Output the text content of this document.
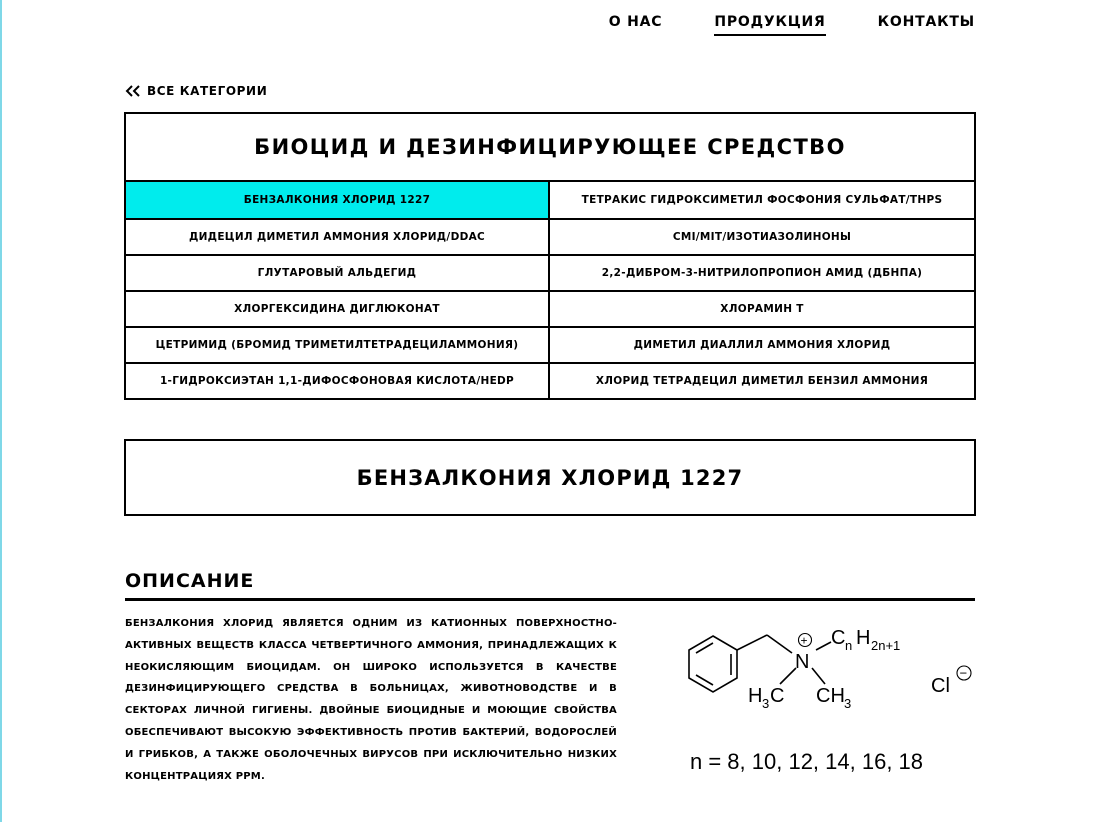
О НАС	ПРОДУКЦИЯ	КОНТАКТЫ
ВСЕ КАТЕГОРИИ
БИОЦИД И ДЕЗИНФИЦИРУЮЩЕЕ СРЕДСТВО
БЕНЗАЛКОНИЯ ХЛОРИД 1227	ТЕТРАКИС ГИДРОКСИМЕТИЛ ФОСФОНИЯ СУЛЬФАТ/THPS
ДИДЕЦИЛ ДИМЕТИЛ АММОНИЯ ХЛОРИД/DDAC	CMI/MIT/ИЗОТИАЗОЛИНОНЫ
ГЛУТАРОВЫЙ АЛЬДЕГИД	2,2-ДИБРОМ-3-НИТРИЛОПРОПИОН АМИД (ДБНПА)
ХЛОРГЕКСИДИНА ДИГЛЮКОНАТ	ХЛОРАМИН Т
ЦЕТРИМИД (БРОМИД ТРИМЕТИЛТЕТРАДЕЦИЛАММОНИЯ)	ДИМЕТИЛ ДИАЛЛИЛ АММОНИЯ ХЛОРИД
1-ГИДРОКСИЭТАН 1,1-ДИФОСФОНОВАЯ КИСЛОТА/HEDP	ХЛОРИД ТЕТРАДЕЦИЛ ДИМЕТИЛ БЕНЗИЛ АММОНИЯ
БЕНЗАЛКОНИЯ ХЛОРИД 1227
ОПИСАНИЕ
БЕНЗАЛКОНИЯ ХЛОРИД ЯВЛЯЕТСЯ ОДНИМ ИЗ КАТИОННЫХ ПОВЕРХНОСТНО-АКТИВНЫХ ВЕЩЕСТВ КЛАССА ЧЕТВЕРТИЧНОГО АММОНИЯ, ПРИНАДЛЕЖАЩИХ К НЕОКИСЛЯЮЩИМ БИОЦИДАМ. ОН ШИРОКО ИСПОЛЬЗУЕТСЯ В КАЧЕСТВЕ ДЕЗИНФИЦИРУЮЩЕГО СРЕДСТВА В БОЛЬНИЦАХ, ЖИВОТНОВОДСТВЕ И В СЕКТОРАХ ЛИЧНОЙ ГИГИЕНЫ. ДВОЙНЫЕ БИОЦИДНЫЕ И МОЮЩИЕ СВОЙСТВА ОБЕСПЕЧИВАЮТ ВЫСОКУЮ ЭФФЕКТИВНОСТЬ ПРОТИВ БАКТЕРИЙ, ВОДОРОСЛЕЙ И ГРИБКОВ, А ТАКЖЕ ОБОЛОЧЕЧНЫХ ВИРУСОВ ПРИ ИСКЛЮЧИТЕЛЬНО НИЗКИХ КОНЦЕНТРАЦИЯХ PPM.
N
+ C n H 2n+1
H 3 C CH 3
Cl
−
n = 8, 10, 12, 14, 16, 18
